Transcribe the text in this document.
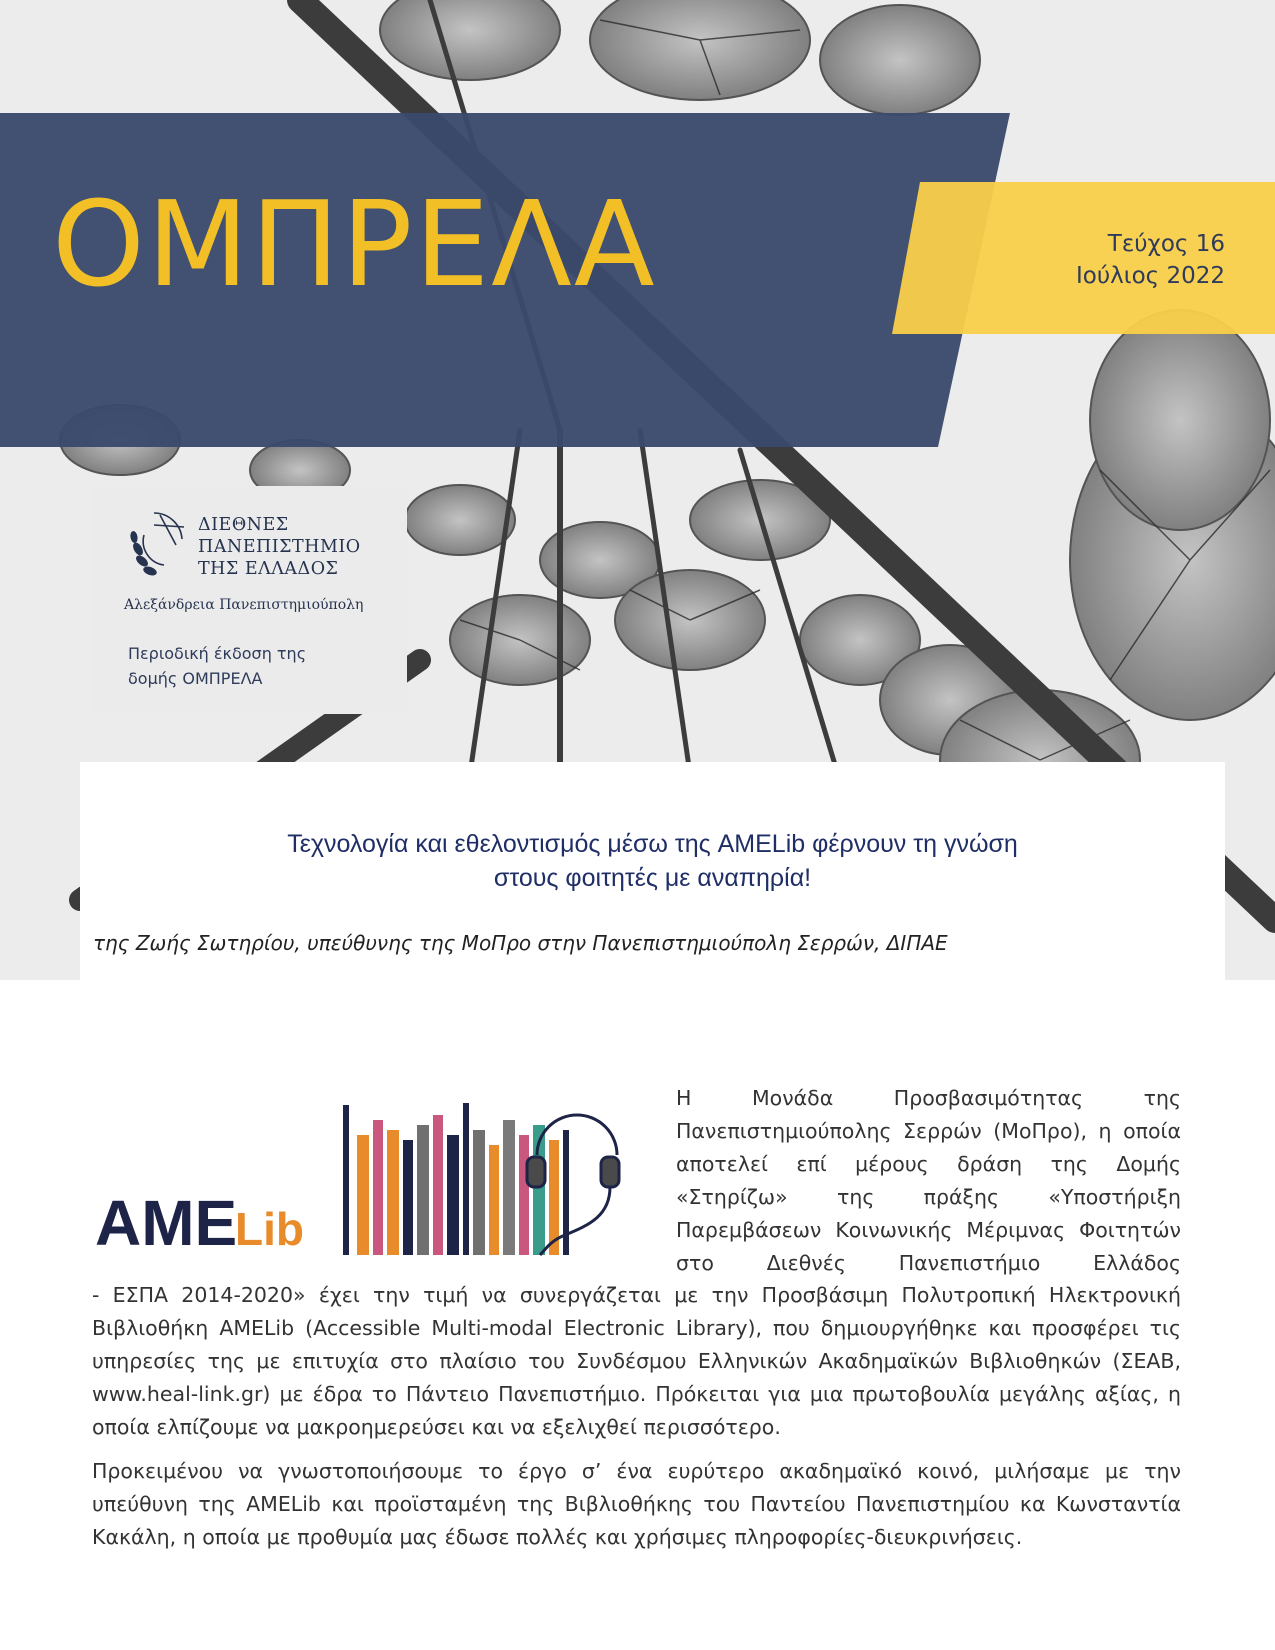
ΟΜΠΡΕΛΑ	Τεύχος 16
Ιούλιος 2022
ΔΙΕΘΝΕΣ
ΠΑΝΕΠΙΣΤΗΜΙΟ
ΤΗΣ ΕΛΛΑΔΟΣ
Αλεξάνδρεια Πανεπιστημιούπολη
Περιοδική έκδοση της
δομής ΟΜΠΡΕΛΑ
Τεχνολογία και εθελοντισμός μέσω της AMELib φέρνουν τη γνώση
στους φοιτητές με αναπηρία!
της Ζωής Σωτηρίου, υπεύθυνης της ΜοΠρο στην Πανεπιστημιούπολη Σερρών, ΔΙΠΑΕ
AME
Lib
Η Μονάδα Προσβασιμότητας της Πανεπιστημιούπολης Σερρών (ΜοΠρο), η οποία αποτελεί επί μέρους δράση της Δομής «Στηρίζω» της πράξης «Υποστήριξη Παρεμβάσεων Κοινωνικής Μέριμνας Φοιτητών στο Διεθνές Πανεπιστήμιο Ελλάδος
- ΕΣΠΑ 2014-2020» έχει την τιμή να συνεργάζεται με την Προσβάσιμη Πολυτροπική Ηλεκτρονική Βιβλιοθήκη AMELib (Accessible Multi-modal Electronic Library), που δημιουργήθηκε και προσφέρει τις υπηρεσίες της με επιτυχία στο πλαίσιο του Συνδέσμου Ελληνικών Ακαδημαϊκών Βιβλιοθηκών (ΣΕΑΒ, www.heal-link.gr) με έδρα το Πάντειο Πανεπιστήμιο. Πρόκειται για μια πρωτοβουλία μεγάλης αξίας, η οποία ελπίζουμε να μακροημερεύσει και να εξελιχθεί περισσότερο.
Προκειμένου να γνωστοποιήσουμε το έργο σ’ ένα ευρύτερο ακαδημαϊκό κοινό, μιλήσαμε με την υπεύθυνη της AMELib και προϊσταμένη της Βιβλιοθήκης του Παντείου Πανεπιστημίου κα Κωνσταντία Κακάλη, η οποία με προθυμία μας έδωσε πολλές και χρήσιμες πληροφορίες-διευκρινήσεις.
